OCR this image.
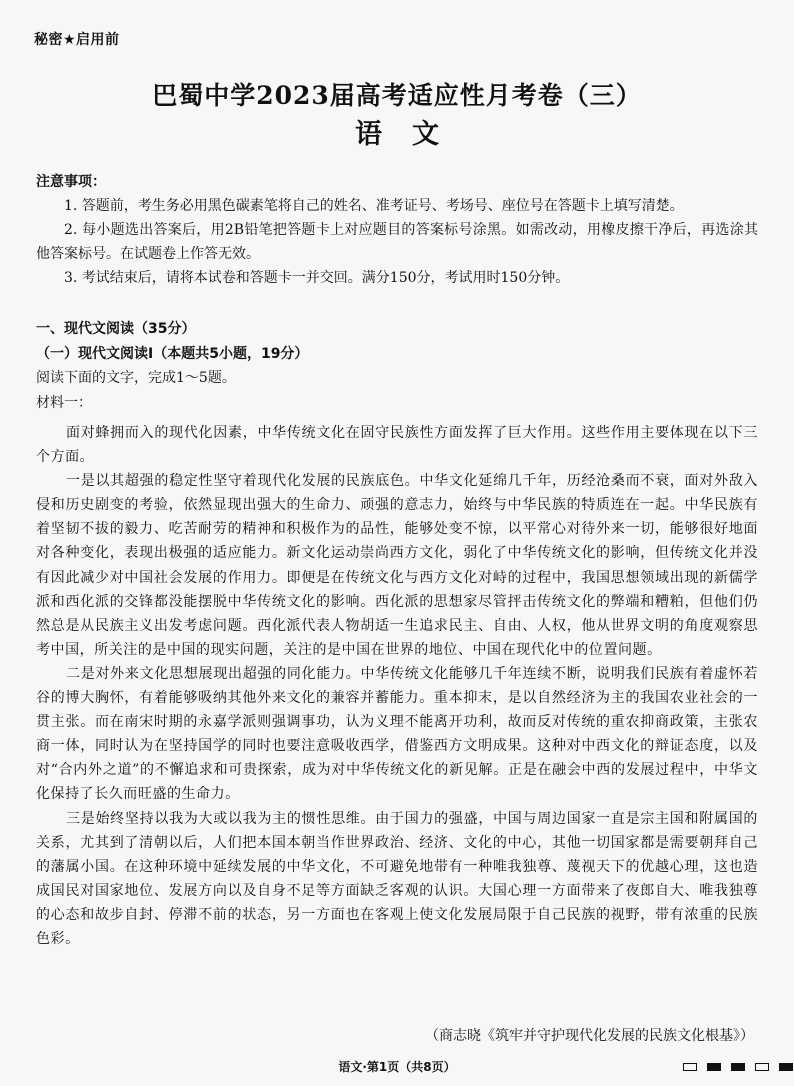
秘密★启用前
巴蜀中学2023届高考适应性月考卷（三）
语文
注意事项：

1. 答题前，考生务必用黑色碳素笔将自己的姓名、准考证号、考场号、座位号在答题卡上填写清楚。

2. 每小题选出答案后，用2B铅笔把答题卡上对应题目的答案标号涂黑。如需改动，用橡皮擦干净后，再选涂其他答案标号。在试题卷上作答无效。

3. 考试结束后，请将本试卷和答题卡一并交回。满分150分，考试用时150分钟。

一、现代文阅读（35分）
（一）现代文阅读Ⅰ（本题共5小题，19分）
阅读下面的文字，完成1～5题。
材料一：

面对蜂拥而入的现代化因素，中华传统文化在固守民族性方面发挥了巨大作用。这些作用主要体现在以下三个方面。

一是以其超强的稳定性坚守着现代化发展的民族底色。中华文化延绵几千年，历经沧桑而不衰，面对外敌入侵和历史剧变的考验，依然显现出强大的生命力、顽强的意志力，始终与中华民族的特质连在一起。中华民族有着坚韧不拔的毅力、吃苦耐劳的精神和积极作为的品性，能够处变不惊，以平常心对待外来一切，能够很好地面对各种变化，表现出极强的适应能力。新文化运动崇尚西方文化，弱化了中华传统文化的影响，但传统文化并没有因此减少对中国社会发展的作用力。即便是在传统文化与西方文化对峙的过程中，我国思想领域出现的新儒学派和西化派的交锋都没能摆脱中华传统文化的影响。西化派的思想家尽管抨击传统文化的弊端和糟粕，但他们仍然总是从民族主义出发考虑问题。西化派代表人物胡适一生追求民主、自由、人权，他从世界文明的角度观察思考中国，所关注的是中国的现实问题，关注的是中国在世界的地位、中国在现代化中的位置问题。

二是对外来文化思想展现出超强的同化能力。中华传统文化能够几千年连续不断，说明我们民族有着虚怀若谷的博大胸怀，有着能够吸纳其他外来文化的兼容并蓄能力。重本抑末，是以自然经济为主的我国农业社会的一贯主张。而在南宋时期的永嘉学派则强调事功，认为义理不能离开功利，故而反对传统的重农抑商政策，主张农商一体，同时认为在坚持国学的同时也要注意吸收西学，借鉴西方文明成果。这种对中西文化的辩证态度，以及对“合内外之道”的不懈追求和可贵探索，成为对中华传统文化的新见解。正是在融会中西的发展过程中，中华文化保持了长久而旺盛的生命力。

三是始终坚持以我为大或以我为主的惯性思维。由于国力的强盛，中国与周边国家一直是宗主国和附属国的关系，尤其到了清朝以后，人们把本国本朝当作世界政治、经济、文化的中心，其他一切国家都是需要朝拜自己的藩属小国。在这种环境中延续发展的中华文化，不可避免地带有一种唯我独尊、蔑视天下的优越心理，这也造成国民对国家地位、发展方向以及自身不足等方面缺乏客观的认识。大国心理一方面带来了夜郎自大、唯我独尊的心态和故步自封、停滞不前的状态，另一方面也在客观上使文化发展局限于自己民族的视野，带有浓重的民族色彩。

（商志晓《筑牢并守护现代化发展的民族文化根基》）
语文·第1页（共8页）
